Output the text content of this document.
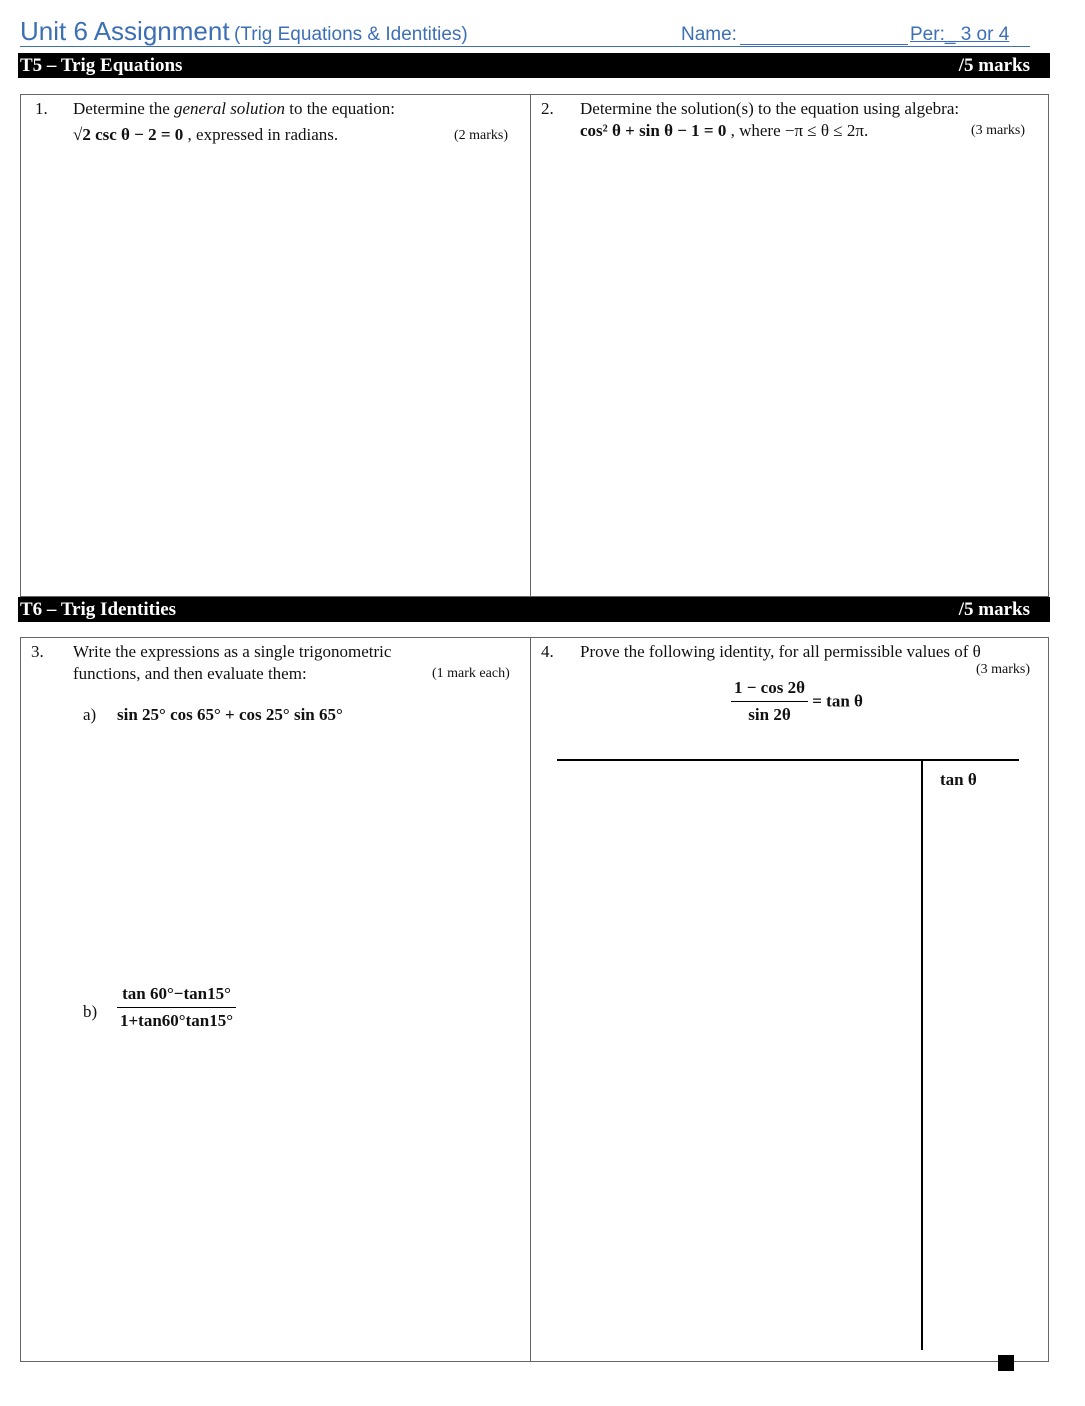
Unit 6 Assignment (Trig Equations & Identities)	Name:	Per:_ 3 or 4
T5 – Trig Equations	/5 marks
1. Determine the general solution to the equation:
√2 csc θ − 2 = 0 , expressed in radians.	(2 marks)
2. Determine the solution(s) to the equation using algebra:
cos² θ + sin θ − 1 = 0 , where −π ≤ θ ≤ 2π.	(3 marks)
T6 – Trig Identities	/5 marks
3. Write the expressions as a single trigonometric
functions, and then evaluate them:	(1 mark each)
a) sin 25° cos 65° + cos 25° sin 65°
$b) \frac{\tan 60^\circ-\tan 15^\circ}{1+\tan 60^\circ\tan 15^\circ}$
4. Prove the following identity, for all permissible values of θ
(3 marks)
$\frac{1 - \cos 2\theta}{\sin 2\theta} = \tan \theta$
tan θ
